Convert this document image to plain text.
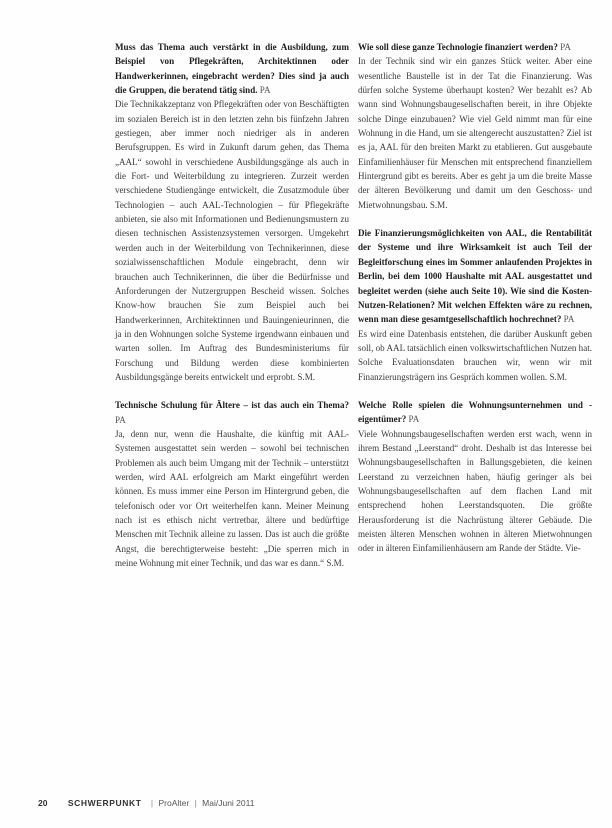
Muss das Thema auch verstärkt in die Ausbildung, zum Beispiel von Pflegekräften, Architektinnen oder Handwerkerinnen, eingebracht werden? Dies sind ja auch die Gruppen, die beratend tätig sind. PA

Die Technikakzeptanz von Pflegekräften oder von Beschäftigten im sozialen Bereich ist in den letzten zehn bis fünfzehn Jahren gestiegen, aber immer noch niedriger als in anderen Berufsgruppen. Es wird in Zukunft darum gehen, das Thema „AAL“ sowohl in verschiedene Ausbildungsgänge als auch in die Fort- und Weiterbildung zu integrieren. Zurzeit werden verschiedene Studiengänge entwickelt, die Zusatzmodule über Technologien – auch AAL-Technologien – für Pflegekräfte anbieten, sie also mit Informationen und Bedienungsmustern zu diesen technischen Assistenzsystemen versorgen. Umgekehrt werden auch in der Weiterbildung von Technikerinnen, diese sozialwissenschaftlichen Module eingebracht, denn wir brauchen auch Technikerinnen, die über die Bedürfnisse und Anforderungen der Nutzergruppen Bescheid wissen. Solches Know-how brauchen Sie zum Beispiel auch bei Handwerkerinnen, Architektinnen und Bauingenieurinnen, die ja in den Wohnungen solche Systeme irgendwann einbauen und warten sollen. Im Auftrag des Bundesministeriums für Forschung und Bildung werden diese kombinierten Ausbildungsgänge bereits entwickelt und erprobt. S.M.

Technische Schulung für Ältere – ist das auch ein Thema? PA

Ja, denn nur, wenn die Haushalte, die künftig mit AAL-Systemen ausgestattet sein werden – sowohl bei technischen Problemen als auch beim Umgang mit der Technik – unterstützt werden, wird AAL erfolgreich am Markt eingeführt werden können. Es muss immer eine Person im Hintergrund geben, die telefonisch oder vor Ort weiterhelfen kann. Meiner Meinung nach ist es ethisch nicht vertretbar, ältere und bedürftige Menschen mit Technik alleine zu lassen. Das ist auch die größte Angst, die berechtigterweise besteht: „Die sperren mich in meine Wohnung mit einer Technik, und das war es dann.“ S.M.

Wie soll diese ganze Technologie finanziert werden? PA

In der Technik sind wir ein ganzes Stück weiter. Aber eine wesentliche Baustelle ist in der Tat die Finanzierung. Was dürfen solche Systeme überhaupt kosten? Wer bezahlt es? Ab wann sind Wohnungsbaugesellschaften bereit, in ihre Objekte solche Dinge einzubauen? Wie viel Geld nimmt man für eine Wohnung in die Hand, um sie altengerecht auszustatten? Ziel ist es ja, AAL für den breiten Markt zu etablieren. Gut ausgebaute Einfamilienhäuser für Menschen mit entsprechend finanziellem Hintergrund gibt es bereits. Aber es geht ja um die breite Masse der älteren Bevölkerung und damit um den Geschoss- und Mietwohnungsbau. S.M.

Die Finanzierungsmöglichkeiten von AAL, die Rentabilität der Systeme und ihre Wirksamkeit ist auch Teil der Begleitforschung eines im Sommer anlaufenden Projektes in Berlin, bei dem 1000 Haushalte mit AAL ausgestattet und begleitet werden (siehe auch Seite 10). Wie sind die Kosten-Nutzen-Relationen? Mit welchen Effekten wäre zu rechnen, wenn man diese gesamtgesellschaftlich hochrechnet? PA

Es wird eine Datenbasis entstehen, die darüber Auskunft geben soll, ob AAL tatsächlich einen volkswirtschaftlichen Nutzen hat. Solche Evaluationsdaten brauchen wir, wenn wir mit Finanzierungsträgern ins Gespräch kommen wollen. S.M.

Welche Rolle spielen die Wohnungsunternehmen und -eigentümer? PA

Viele Wohnungsbaugesellschaften werden erst wach, wenn in ihrem Bestand „Leerstand“ droht. Deshalb ist das Interesse bei Wohnungsbaugesellschaften in Ballungsgebieten, die keinen Leerstand zu verzeichnen haben, häufig geringer als bei Wohnungsbaugesellschaften auf dem flachen Land mit entsprechend hohen Leerstandsquoten. Die größte Herausforderung ist die Nachrüstung älterer Gebäude. Die meisten älteren Menschen wohnen in älteren Mietwohnungen oder in älteren Einfamilienhäusern am Rande der Städte. Vie-

20 SCHWERPUNKT | ProAlter | Mai/Juni 2011
